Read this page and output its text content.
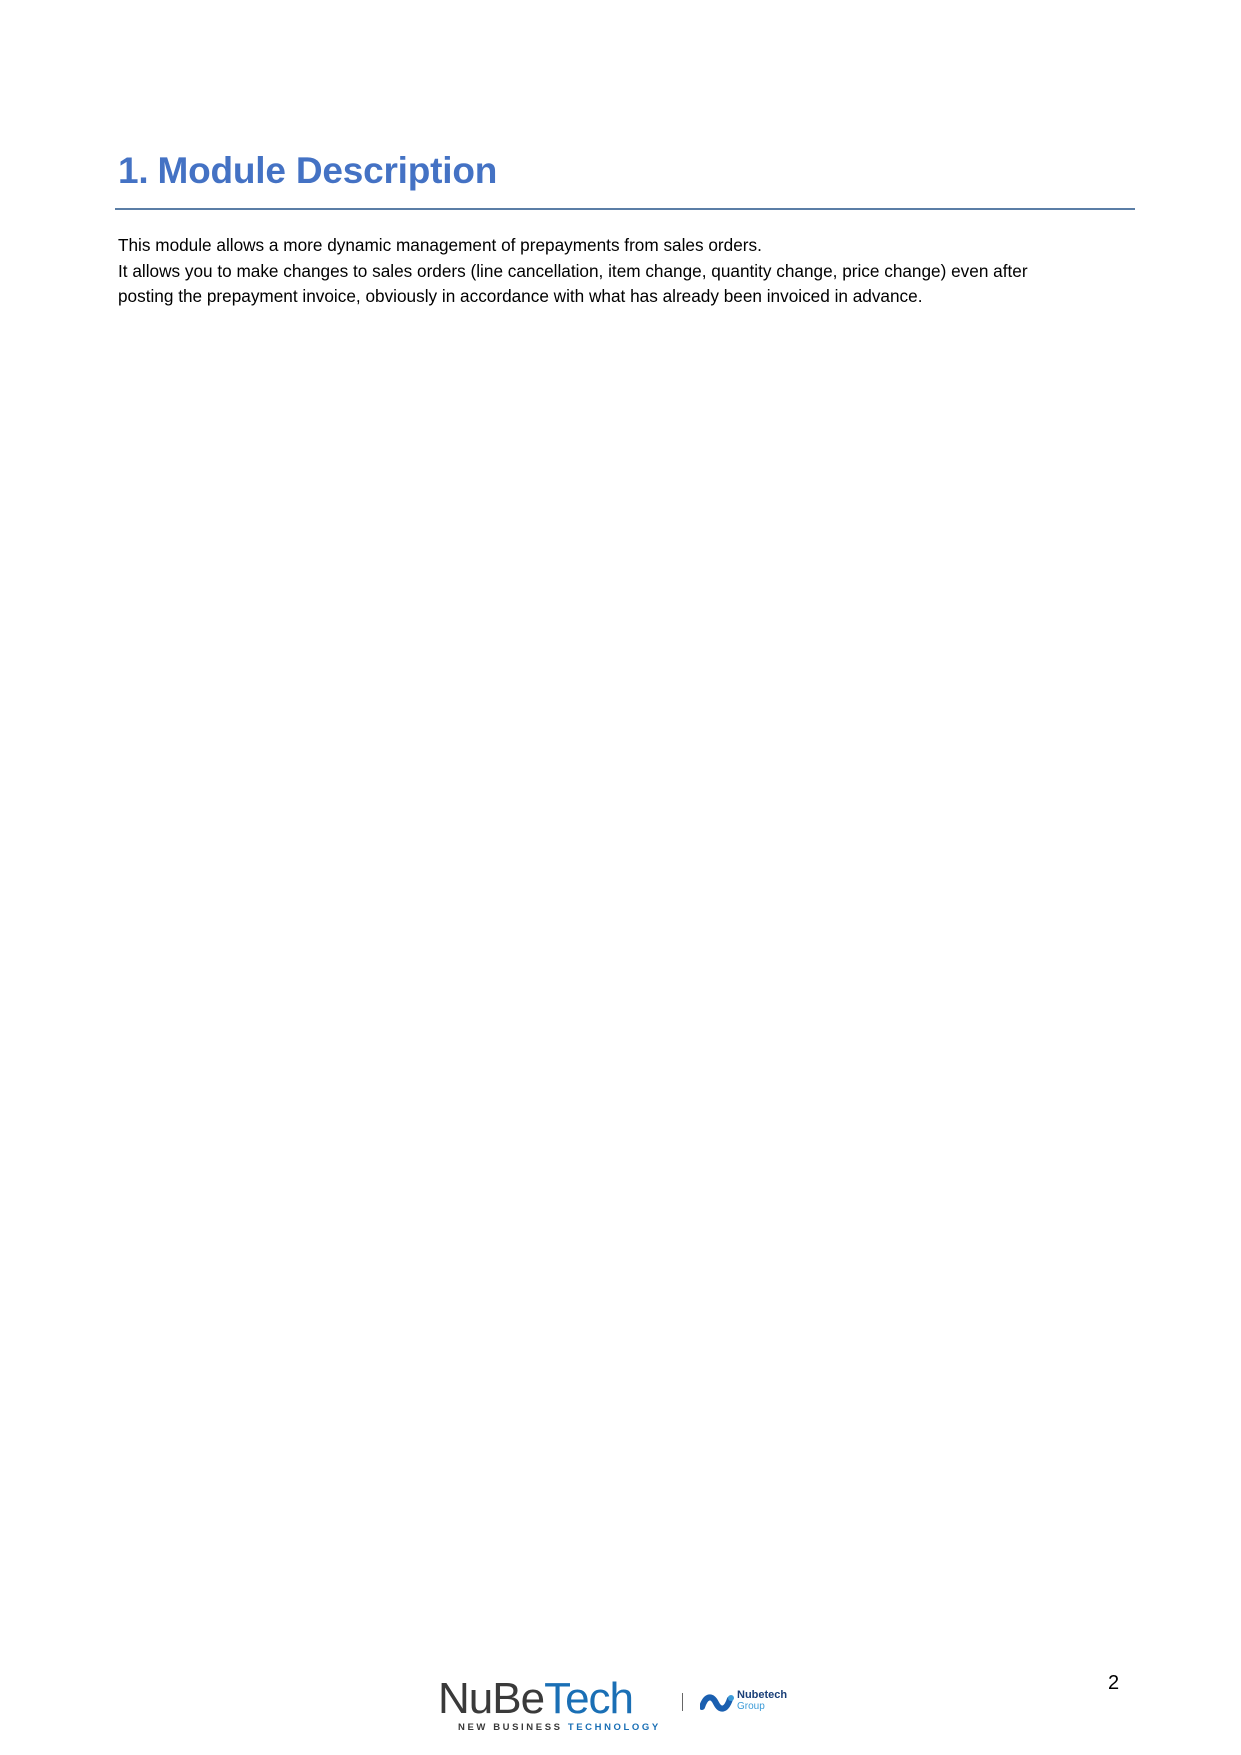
1. Module Description

This module allows a more dynamic management of prepayments from sales orders.

It allows you to make changes to sales orders (line cancellation, item change, quantity change, price change) even after

posting the prepayment invoice, obviously in accordance with what has already been invoiced in advance.

NuBeTech
NEW BUSINESS TECHNOLOGY
Nubetech
Group
2
